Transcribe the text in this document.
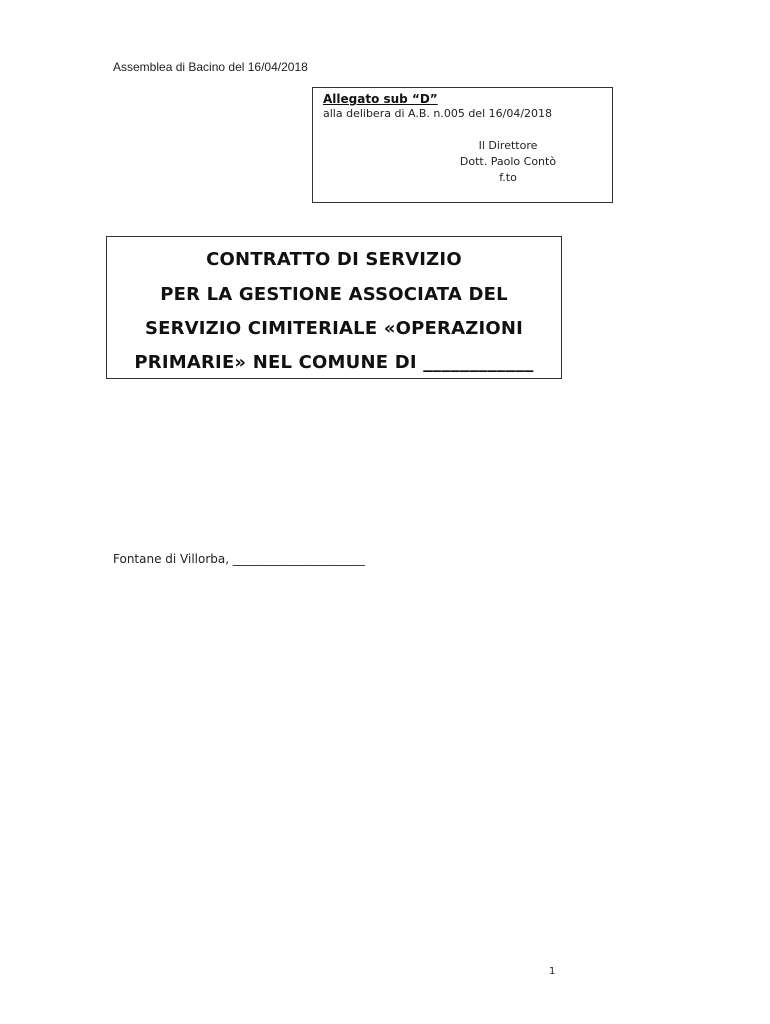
Assemblea di Bacino del 16/04/2018
Allegato sub “D”
alla delibera di A.B. n.005 del 16/04/2018
Il Direttore
Dott. Paolo Contò
f.to
CONTRATTO DI SERVIZIO
PER LA GESTIONE ASSOCIATA DEL
SERVIZIO CIMITERIALE «OPERAZIONI
PRIMARIE» NEL COMUNE DI ____________
Fontane di Villorba, ______________________
1
